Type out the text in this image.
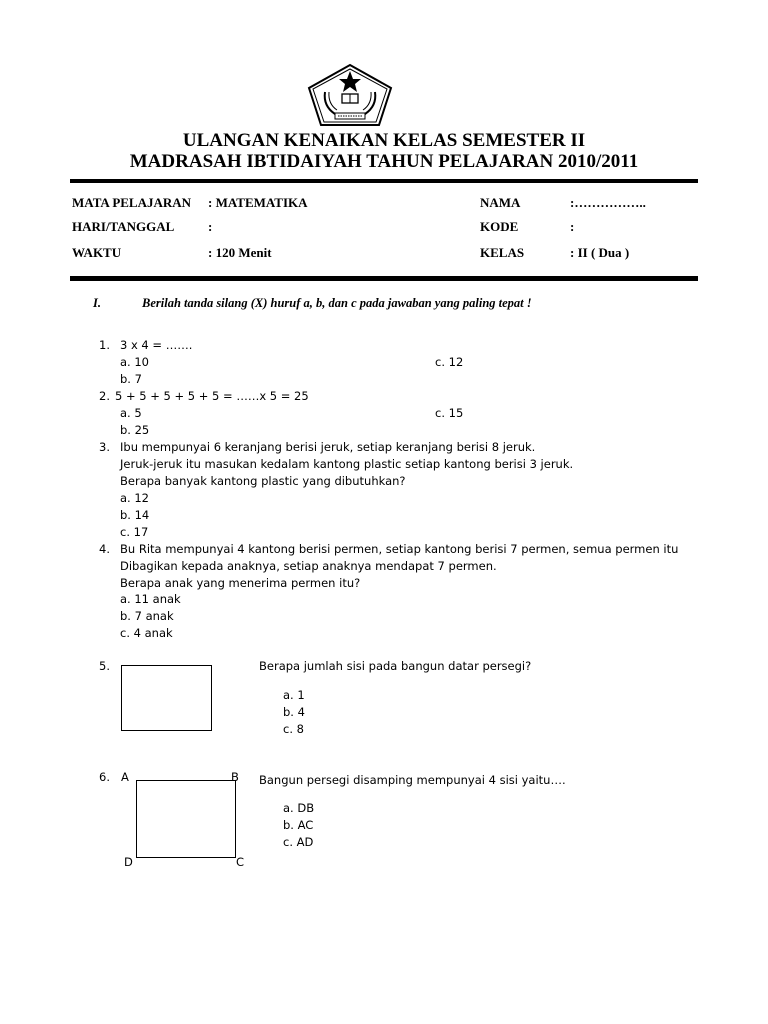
ULANGAN KENAIKAN KELAS SEMESTER II
MADRASAH IBTIDAIYAH TAHUN PELAJARAN 2010/2011
MATA PELAJARAN : MATEMATIKA
HARI/TANGGAL	:
WAKTU	: 120 Menit
NAMA	:……………..
KODE	:
KELAS	: II ( Dua )
I.	Berilah tanda silang (X) huruf a, b, dan c pada jawaban yang paling tepat !
1. 3 x 4 = …….
a. 10	c. 12
b. 7
2. 5 + 5 + 5 + 5 + 5 = ……x 5 = 25
a. 5	c. 15
b. 25
3. Ibu mempunyai 6 keranjang berisi jeruk, setiap keranjang berisi 8 jeruk.
Jeruk-jeruk itu masukan kedalam kantong plastic setiap kantong berisi 3 jeruk.
Berapa banyak kantong plastic yang dibutuhkan?
a. 12
b. 14
c. 17
4. Bu Rita mempunyai 4 kantong berisi permen, setiap kantong berisi 7 permen, semua permen itu
Dibagikan kepada anaknya, setiap anaknya mendapat 7 permen.
Berapa anak yang menerima permen itu?
a. 11 anak
b. 7 anak
c. 4 anak
5.	Berapa jumlah sisi pada bangun datar persegi?
a. 1
b. 4
c. 8
6. A	B
D	C
Bangun persegi disamping mempunyai 4 sisi yaitu….
a. DB
b. AC
c. AD
